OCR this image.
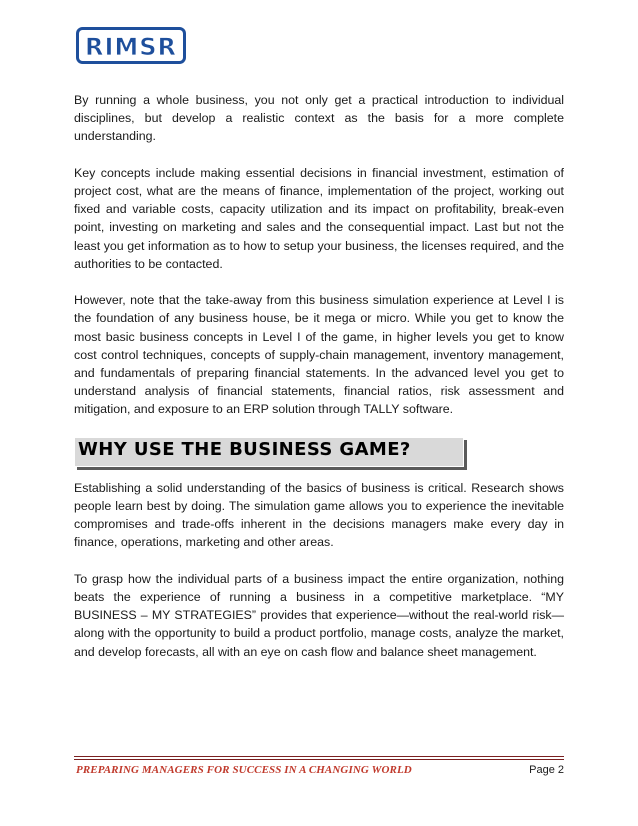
RIMSR

By running a whole business, you not only get a practical introduction to individual disciplines, but develop a realistic context as the basis for a more complete understanding.

Key concepts include making essential decisions in financial investment, estimation of project cost, what are the means of finance, implementation of the project, working out fixed and variable costs, capacity utilization and its impact on profitability, break-even point, investing on marketing and sales and the consequential impact. Last but not the least you get information as to how to setup your business, the licenses required, and the authorities to be contacted.

However, note that the take-away from this business simulation experience at Level I is the foundation of any business house, be it mega or micro. While you get to know the most basic business concepts in Level I of the game, in higher levels you get to know cost control techniques, concepts of supply-chain management, inventory management, and fundamentals of preparing financial statements. In the advanced level you get to understand analysis of financial statements, financial ratios, risk assessment and mitigation, and exposure to an ERP solution through TALLY software.

WHY USE THE BUSINESS GAME?

Establishing a solid understanding of the basics of business is critical. Research shows people learn best by doing. The simulation game allows you to experience the inevitable compromises and trade-offs inherent in the decisions managers make every day in finance, operations, marketing and other areas.

To grasp how the individual parts of a business impact the entire organization, nothing beats the experience of running a business in a competitive marketplace. “MY BUSINESS – MY STRATEGIES” provides that experience—without the real-world risk—along with the opportunity to build a product portfolio, manage costs, analyze the market, and develop forecasts, all with an eye on cash flow and balance sheet management.

PREPARING MANAGERS FOR SUCCESS IN A CHANGING WORLD	Page 2
